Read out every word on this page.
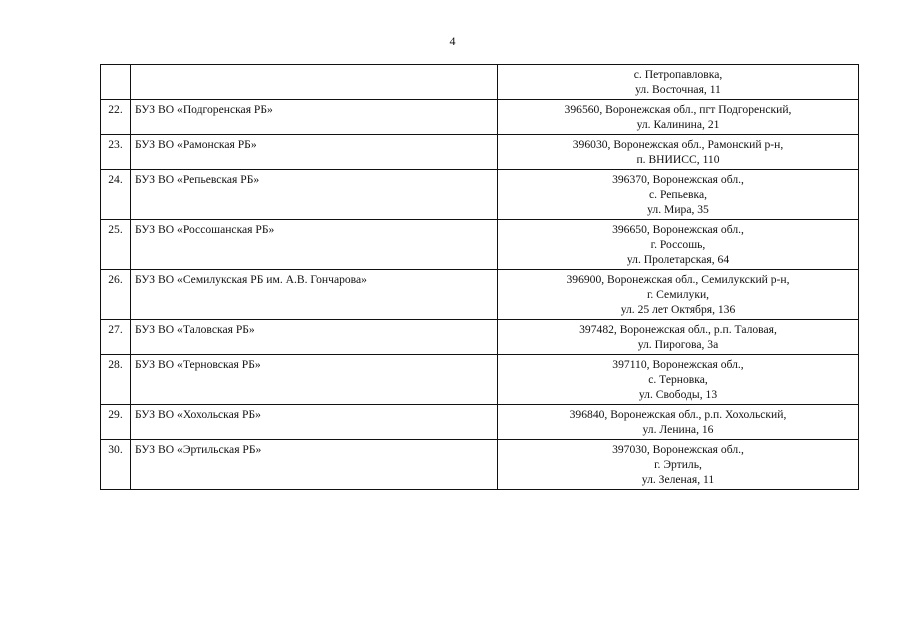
4

		с. Петропавловка,
ул. Восточная, 11

22.	БУЗ ВО «Подгоренская РБ»	396560, Воронежская обл., пгт Подгоренский,
ул. Калинина, 21

23.	БУЗ ВО «Рамонская РБ»	396030, Воронежская обл., Рамонский р-н,
п. ВНИИСС, 110

24.	БУЗ ВО «Репьевская РБ»	396370, Воронежская обл.,
с. Репьевка,
ул. Мира, 35

25.	БУЗ ВО «Россошанская РБ»	396650, Воронежская обл.,
г. Россошь,
ул. Пролетарская, 64

26.	БУЗ ВО «Семилукская РБ им. А.В. Гончарова»	396900, Воронежская обл., Семилукский р-н,
г. Семилуки,
ул. 25 лет Октября, 136

27.	БУЗ ВО «Таловская РБ»	397482, Воронежская обл., р.п. Таловая,
ул. Пирогова, 3а

28.	БУЗ ВО «Терновская РБ»	397110, Воронежская обл.,
с. Терновка,
ул. Свободы, 13

29.	БУЗ ВО «Хохольская РБ»	396840, Воронежская обл., р.п. Хохольский,
ул. Ленина, 16

30.	БУЗ ВО «Эртильская РБ»	397030, Воронежская обл.,
г. Эртиль,
ул. Зеленая, 11
